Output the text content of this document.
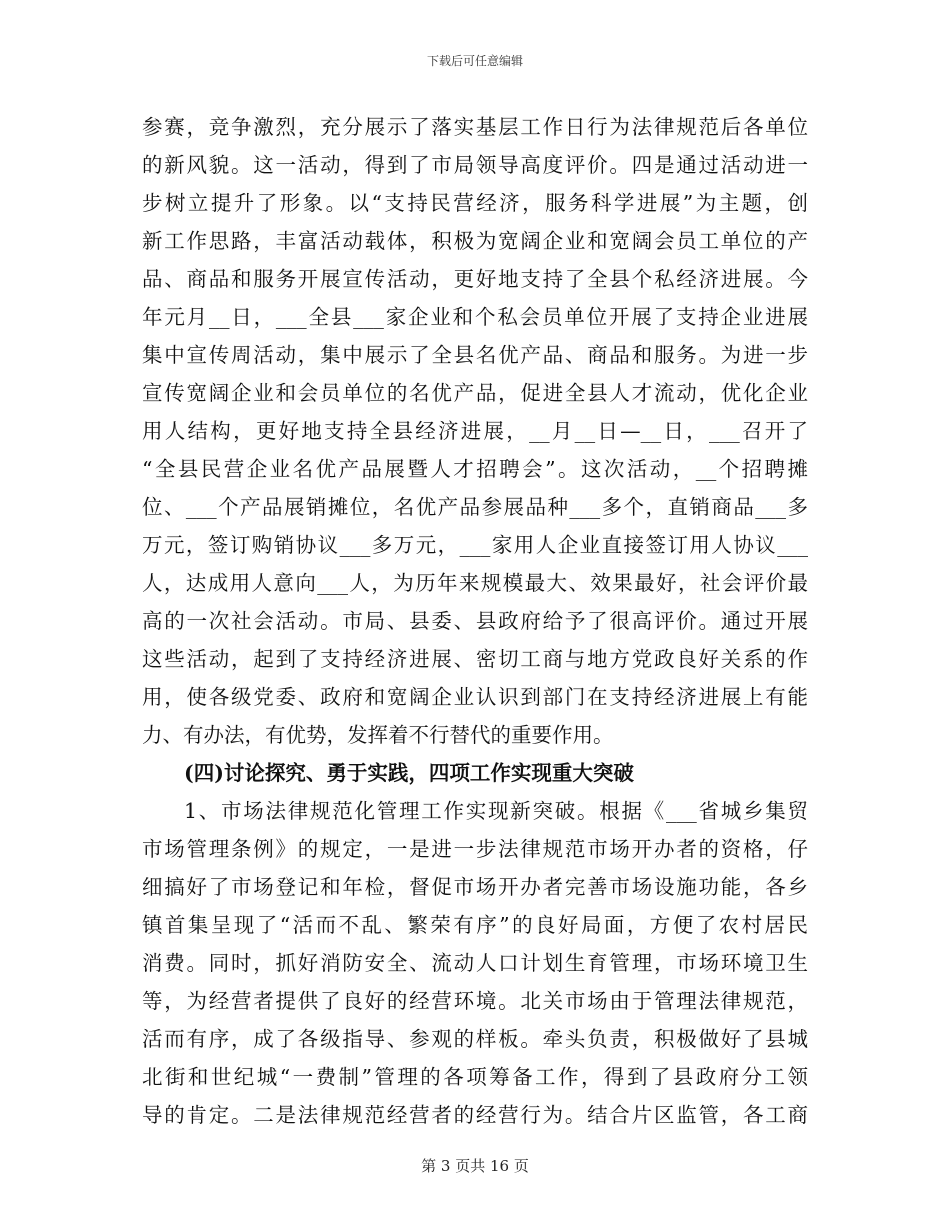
下载后可任意编辑
参赛，竞争激烈，充分展示了落实基层工作日行为法律规范后各单位
的新风貌。这一活动，得到了市局领导高度评价。四是通过活动进一
步树立提升了形象。以“支持民营经济，服务科学进展”为主题，创
新工作思路，丰富活动载体，积极为宽阔企业和宽阔会员工单位的产
品、商品和服务开展宣传活动，更好地支持了全县个私经济进展。今
年元月__日，___全县___家企业和个私会员单位开展了支持企业进展
集中宣传周活动，集中展示了全县名优产品、商品和服务。为进一步
宣传宽阔企业和会员单位的名优产品，促进全县人才流动，优化企业
用人结构，更好地支持全县经济进展，__月__日—__日，___召开了
“全县民营企业名优产品展暨人才招聘会”。这次活动，__个招聘摊
位、___个产品展销摊位，名优产品参展品种___多个，直销商品___多
万元，签订购销协议___多万元，___家用人企业直接签订用人协议___
人，达成用人意向___人，为历年来规模最大、效果最好，社会评价最
高的一次社会活动。市局、县委、县政府给予了很高评价。通过开展
这些活动，起到了支持经济进展、密切工商与地方党政良好关系的作
用，使各级党委、政府和宽阔企业认识到部门在支持经济进展上有能
力、有办法，有优势，发挥着不行替代的重要作用。
(四)讨论探究、勇于实践，四项工作实现重大突破
1、市场法律规范化管理工作实现新突破。根据《___省城乡集贸
市场管理条例》的规定，一是进一步法律规范市场开办者的资格，仔
细搞好了市场登记和年检，督促市场开办者完善市场设施功能，各乡
镇首集呈现了“活而不乱、繁荣有序”的良好局面，方便了农村居民
消费。同时，抓好消防安全、流动人口计划生育管理，市场环境卫生
等，为经营者提供了良好的经营环境。北关市场由于管理法律规范，
活而有序，成了各级指导、参观的样板。牵头负责，积极做好了县城
北街和世纪城“一费制”管理的各项筹备工作，得到了县政府分工领
导的肯定。二是法律规范经营者的经营行为。结合片区监管，各工商
第 3 页共 16 页
